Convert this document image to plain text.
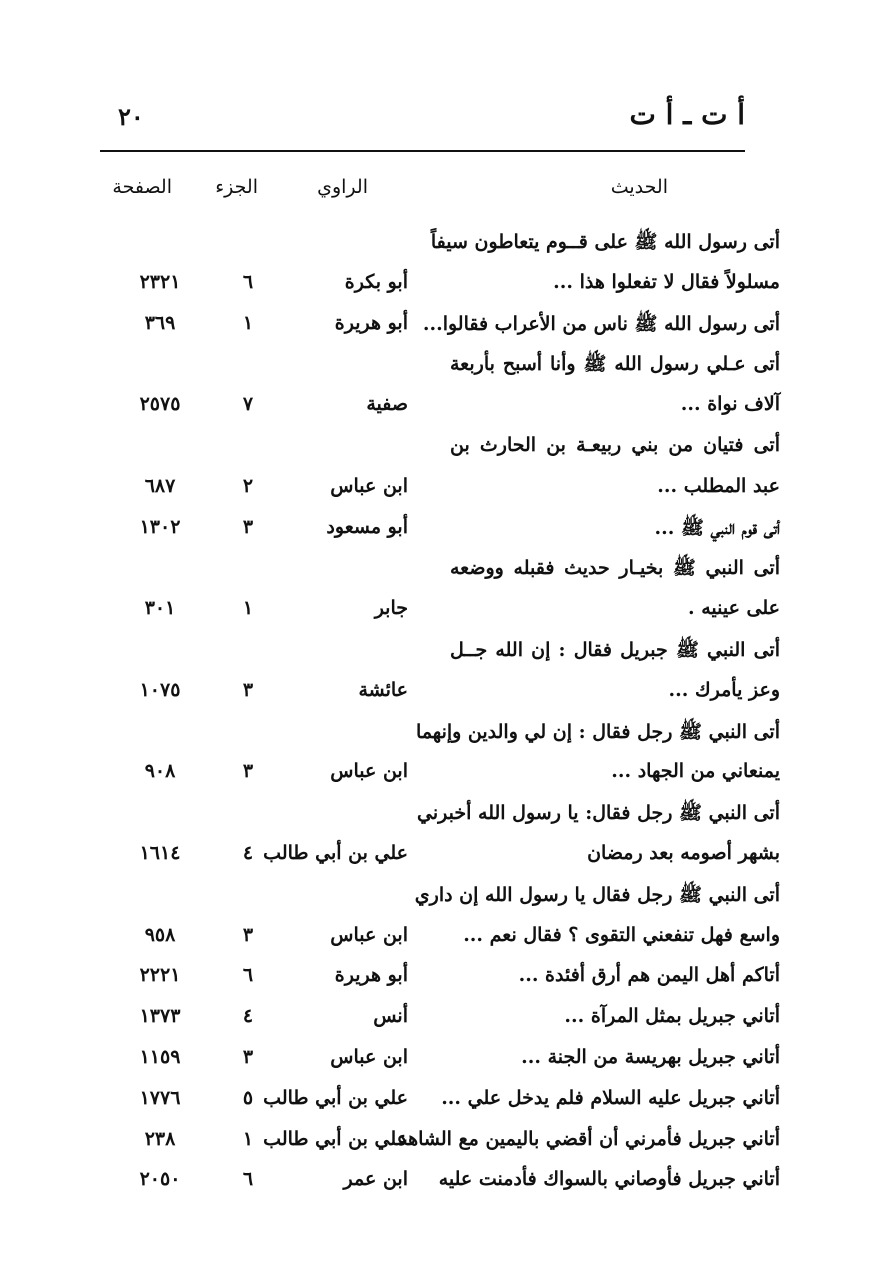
٢٠	أ ت ـ أ ت
الحديث
الراوي
الجزء
الصفحة
أتى رسول الله ﷺ على قــوم يتعاطون سيفاً
مسلولاً فقال لا تفعلوا هذا ...
أبو بكرة
٦
٢٣٢١
أتى رسول الله ﷺ ناس من الأعراب فقالوا...
أبو هريرة
١
٣٦٩
أتى عـلي رسول الله ﷺ وأنا أسبح بأربعة
آلاف نواة ...
صفية
٧
٢٥٧٥
أتى فتيان من بني ربيعـة بن الحارث بن
عبد المطلب ...
ابن عباس
٢
٦٨٧
أتى قوم النبي ﷺ ...
أبو مسعود
٣
١٣٠٢
أتى النبي ﷺ بخيـار حديث فقبله ووضعه
على عينيه .
جابر
١
٣٠١
أتى النبي ﷺ جبريل فقال : إن الله جــل
وعز يأمرك ...
عائشة
٣
١٠٧٥
أتى النبي ﷺ رجل فقال : إن لي والدين وإنهما
يمنعاني من الجهاد ...
ابن عباس
٣
٩٠٨
أتى النبي ﷺ رجل فقال: يا رسول الله أخبرني
بشهر أصومه بعد رمضان
علي بن أبي طالب
٤
١٦١٤
أتى النبي ﷺ رجل فقال يا رسول الله إن داري
واسع فهل تنفعني التقوى ؟ فقال نعم ...
ابن عباس
٣
٩٥٨
أتاكم أهل اليمن هم أرق أفئدة ...
أبو هريرة
٦
٢٢٢١
أتاني جبريل بمثل المرآة ...
أنس
٤
١٣٧٣
أتاني جبريل بهريسة من الجنة ...
ابن عباس
٣
١١٥٩
أتاني جبريل عليه السلام فلم يدخل علي ...
علي بن أبي طالب
٥
١٧٧٦
أتاني جبريل فأمرني أن أقضي باليمين مع الشاهد
علي بن أبي طالب
١
٢٣٨
أتاني جبريل فأوصاني بالسواك فأدمنت عليه
ابن عمر
٦
٢٠٥٠
